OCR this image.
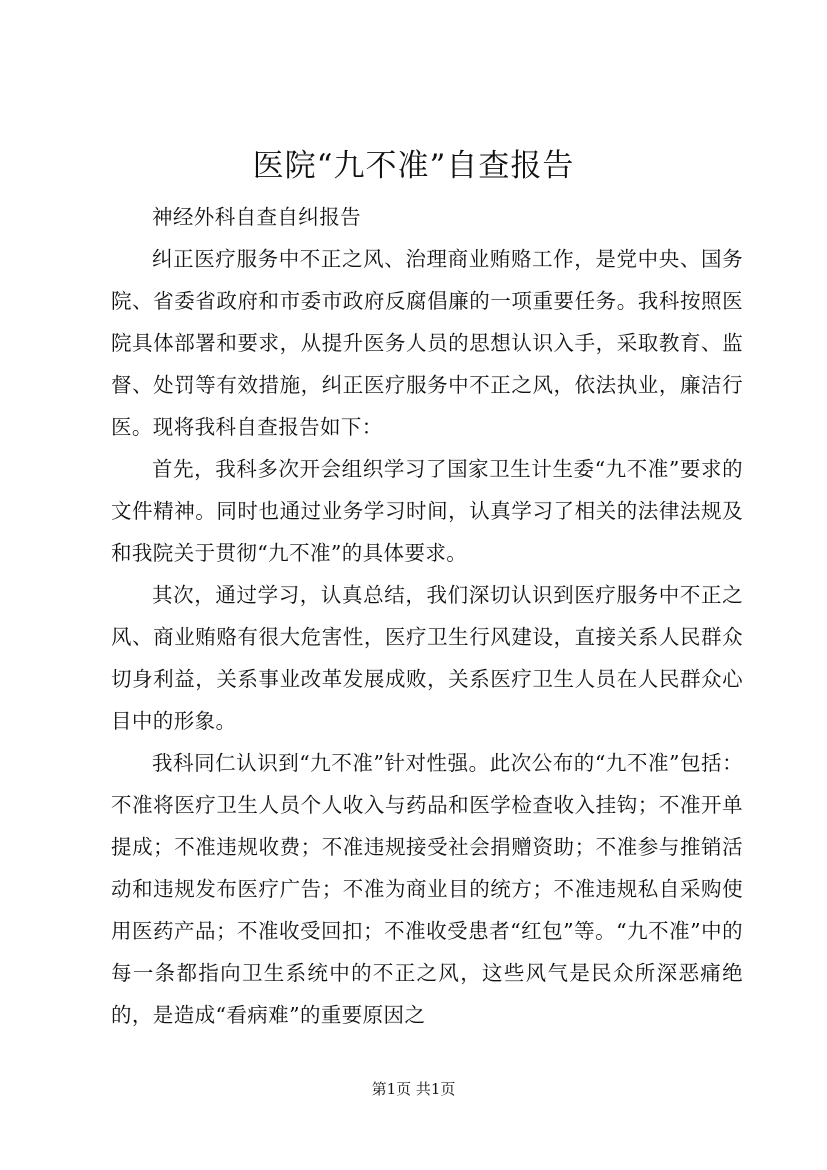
医院“九不准”自查报告

神经外科自查自纠报告

纠正医疗服务中不正之风、治理商业贿赂工作，是党中央、国务院、省委省政府和市委市政府反腐倡廉的一项重要任务。我科按照医院具体部署和要求，从提升医务人员的思想认识入手，采取教育、监督、处罚等有效措施，纠正医疗服务中不正之风，依法执业，廉洁行医。现将我科自查报告如下：

首先，我科多次开会组织学习了国家卫生计生委“九不准”要求的文件精神。同时也通过业务学习时间，认真学习了相关的法律法规及和我院关于贯彻“九不准”的具体要求。

其次，通过学习，认真总结，我们深切认识到医疗服务中不正之风、商业贿赂有很大危害性，医疗卫生行风建设，直接关系人民群众切身利益，关系事业改革发展成败，关系医疗卫生人员在人民群众心目中的形象。

我科同仁认识到“九不准”针对性强。此次公布的“九不准”包括：不准将医疗卫生人员个人收入与药品和医学检查收入挂钩；不准开单提成；不准违规收费；不准违规接受社会捐赠资助；不准参与推销活动和违规发布医疗广告；不准为商业目的统方；不准违规私自采购使用医药产品；不准收受回扣；不准收受患者“红包”等。“九不准”中的每一条都指向卫生系统中的不正之风，这些风气是民众所深恶痛绝的，是造成“看病难”的重要原因之

第1页 共1页
